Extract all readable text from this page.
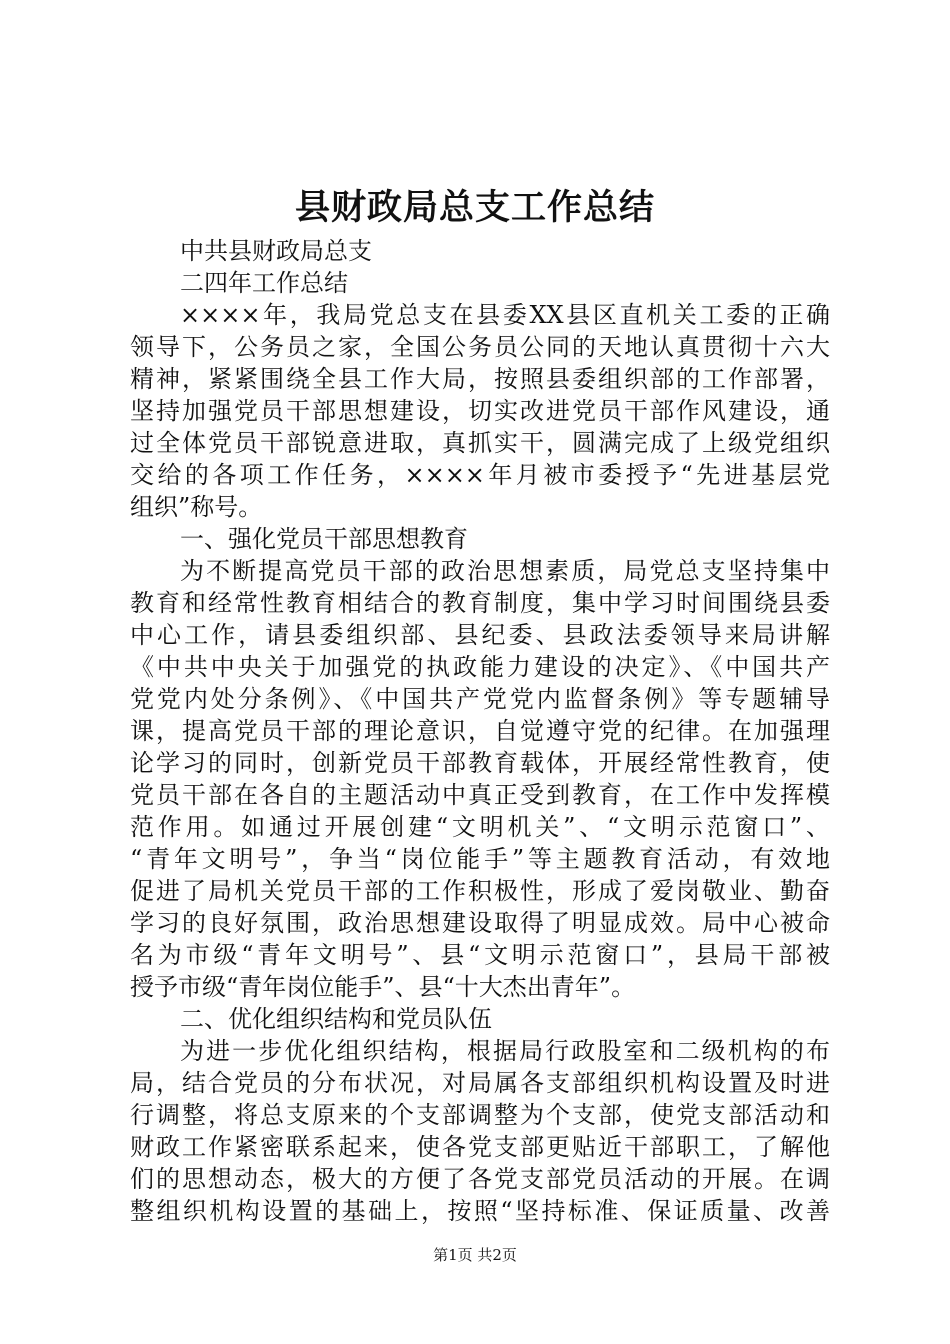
县财政局总支工作总结
中共县财政局总支
二四年工作总结
××××年，我局党总支在县委XX县区直机关工委的正确
领导下，公务员之家，全国公务员公同的天地认真贯彻十六大
精神，紧紧围绕全县工作大局，按照县委组织部的工作部署，
坚持加强党员干部思想建设，切实改进党员干部作风建设，通
过全体党员干部锐意进取，真抓实干，圆满完成了上级党组织
交给的各项工作任务，××××年月被市委授予“先进基层党
组织”称号。
一、强化党员干部思想教育
为不断提高党员干部的政治思想素质，局党总支坚持集中
教育和经常性教育相结合的教育制度，集中学习时间围绕县委
中心工作，请县委组织部、县纪委、县政法委领导来局讲解
《中共中央关于加强党的执政能力建设的决定》、《中国共产
党党内处分条例》、《中国共产党党内监督条例》等专题辅导
课，提高党员干部的理论意识，自觉遵守党的纪律。在加强理
论学习的同时，创新党员干部教育载体，开展经常性教育，使
党员干部在各自的主题活动中真正受到教育，在工作中发挥模
范作用。如通过开展创建“文明机关”、“文明示范窗口”、
“青年文明号”，争当“岗位能手”等主题教育活动，有效地
促进了局机关党员干部的工作积极性，形成了爱岗敬业、勤奋
学习的良好氛围，政治思想建设取得了明显成效。局中心被命
名为市级“青年文明号”、县“文明示范窗口”，县局干部被
授予市级“青年岗位能手”、县“十大杰出青年”。
二、优化组织结构和党员队伍
为进一步优化组织结构，根据局行政股室和二级机构的布
局，结合党员的分布状况，对局属各支部组织机构设置及时进
行调整，将总支原来的个支部调整为个支部，使党支部活动和
财政工作紧密联系起来，使各党支部更贴近干部职工，了解他
们的思想动态，极大的方便了各党支部党员活动的开展。在调
整组织机构设置的基础上，按照“坚持标准、保证质量、改善
第1页 共2页
